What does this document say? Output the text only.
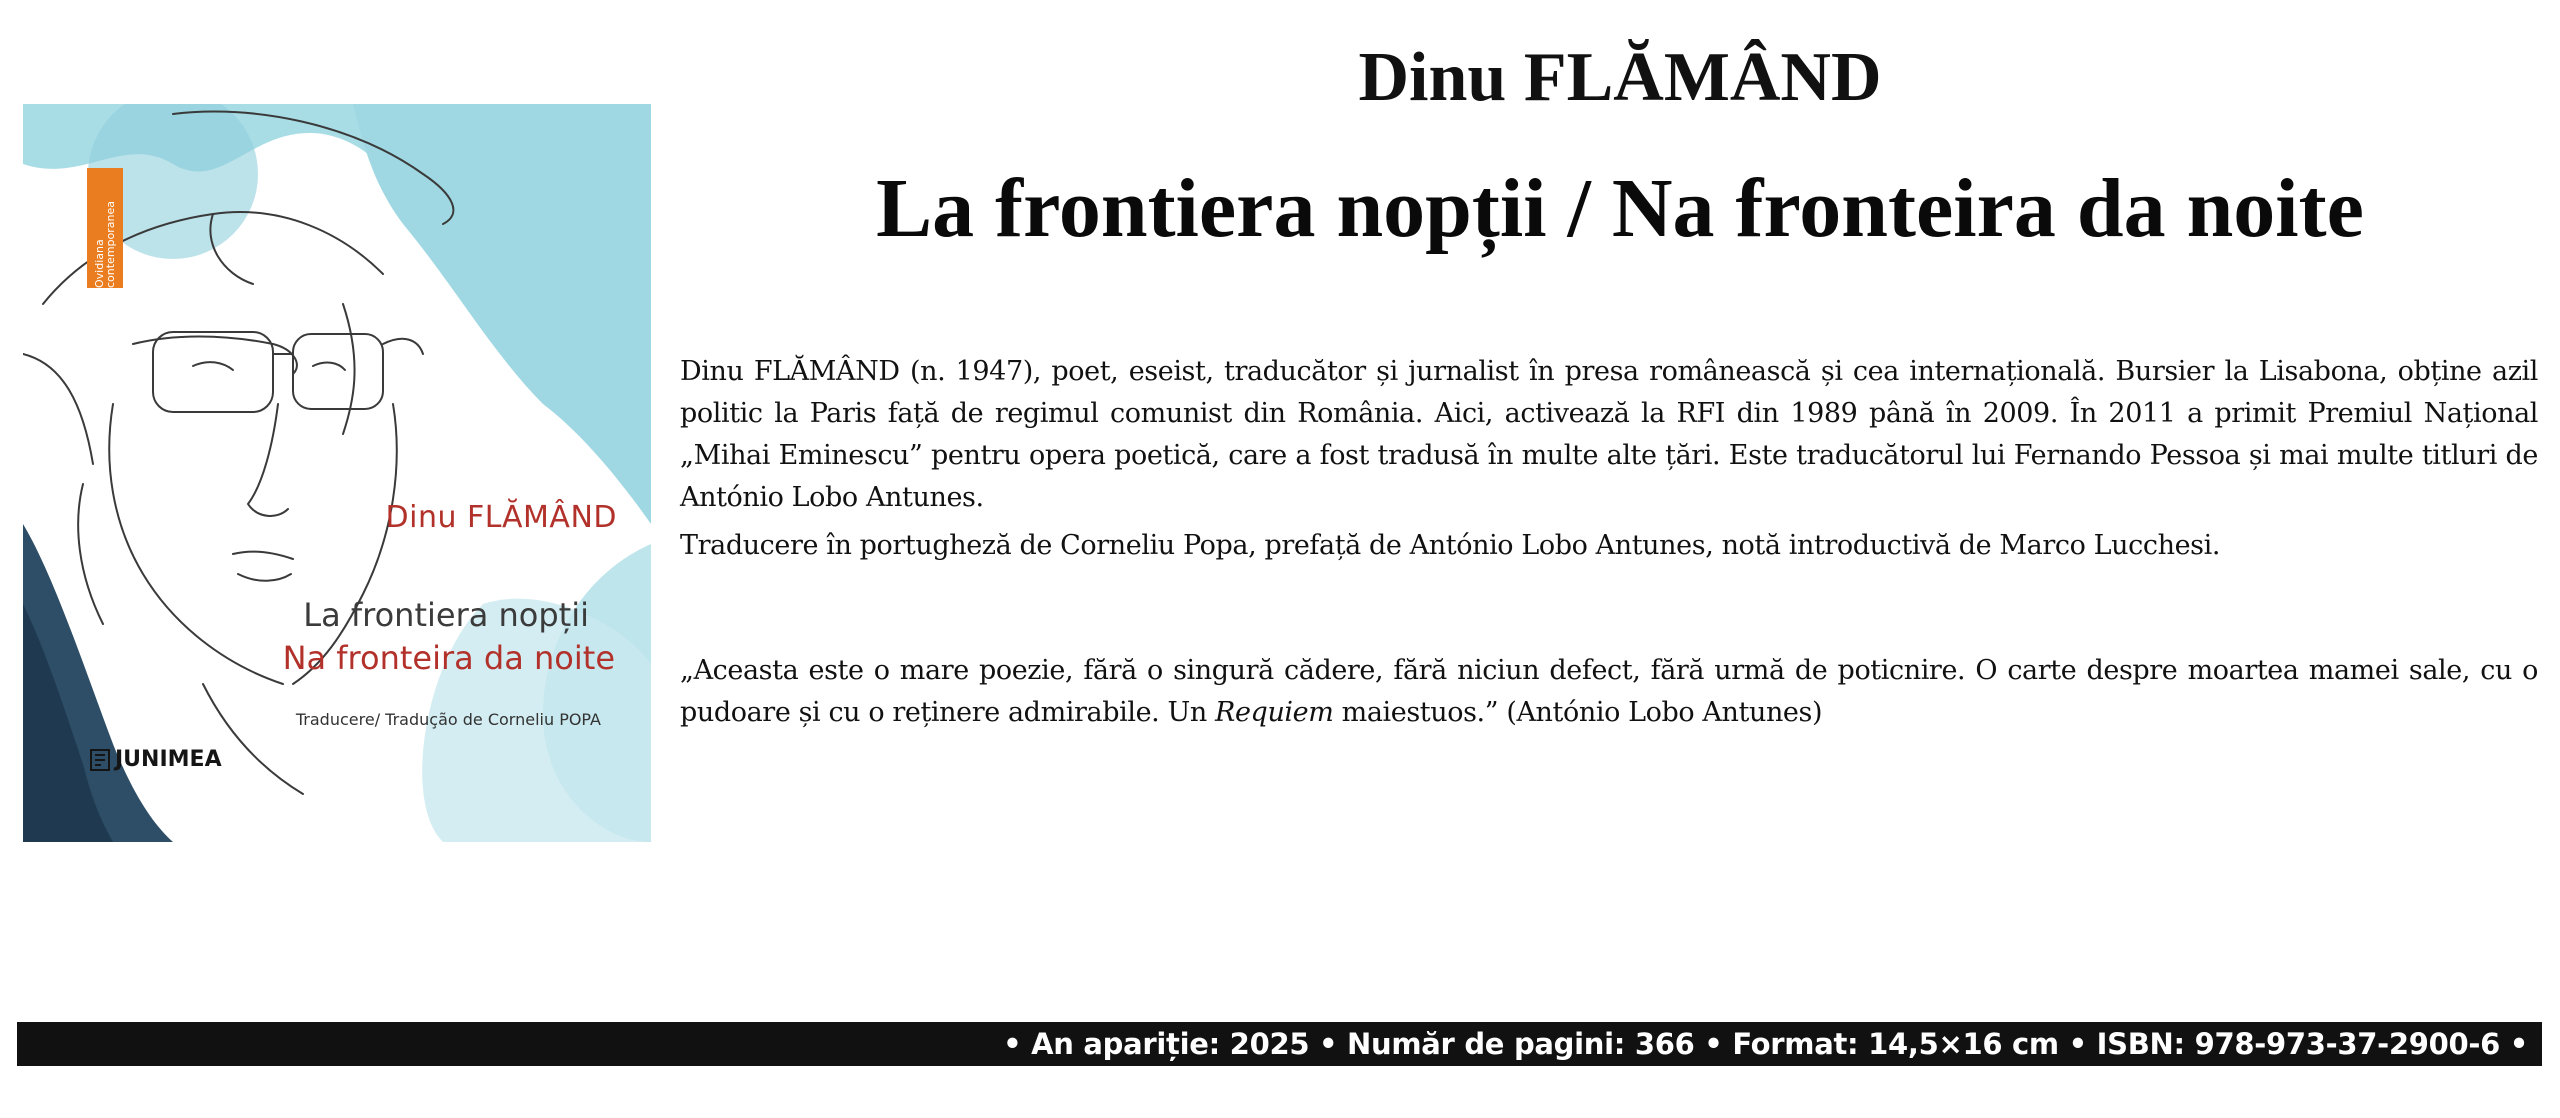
Ovidiana contemporanea
Dinu FLĂMÂND
La frontiera nopții
Na fronteira da noite
Traducere/ Tradução de Corneliu POPA
JUNIMEA
Dinu FLĂMÂND
La frontiera nopții / Na fronteira da noite

Dinu FLĂMÂND (n. 1947), poet, eseist, traducător și jurnalist în presa românească și cea internațională. Bursier la Lisabona, obține azil politic la Paris față de regimul comunist din România. Aici, activează la RFI din 1989 până în 2009. În 2011 a primit Premiul Național „Mihai Eminescu” pentru opera poetică, care a fost tradusă în multe alte țări. Este traducătorul lui Fernando Pessoa și mai multe titluri de António Lobo Antunes.

Traducere în portugheză de Corneliu Popa, prefață de António Lobo Antunes, notă introductivă de Marco Lucchesi.

„Aceasta este o mare poezie, fără o singură cădere, fără niciun defect, fără urmă de poticnire. O carte despre moartea mamei sale, cu o pudoare și cu o reținere admirabile. Un Requiem maiestuos.” (António Lobo Antunes)

• An apariție: 2025 • Număr de pagini: 366 • Format: 14,5×16 cm • ISBN: 978-973-37-2900-6 •
